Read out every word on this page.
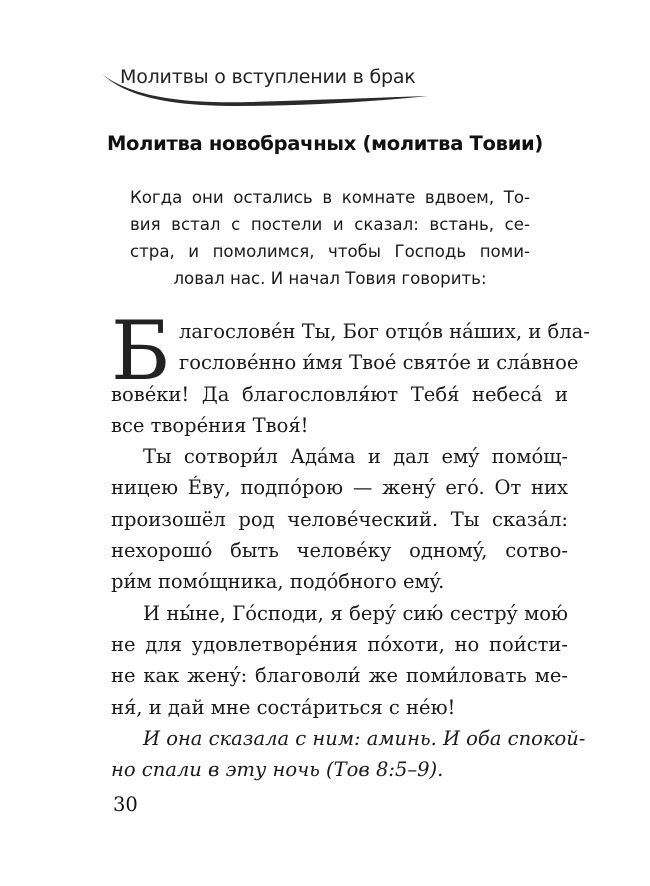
Молитвы о вступлении в брак
Молитва новобрачных (молитва Товии)
Когда они остались в комнате вдвоем, То-
вия встал с постели и сказал: встань, се-
стра, и помолимся, чтобы Господь поми-
ловал нас. И начал Товия говорить:
Б лагословéн Ты, Бог отцóв нáших, и бла-
гословéнно и́мя Твоé святóе и слáвное
вовéки! Да благословля́ют Тебя́ небесá и
все творéния Твоя́!
Ты сотвори́л Адáма и дал емý помóщ-
ницею Éву, подпóрою — женý егó. От них
произошёл род человéческий. Ты сказáл:
нехорошó быть человéку одномý, сотво-
ри́м помóщника, подóбного емý.
И ны́не, Гóсподи, я берý сию́ сестрý мою́
не для удовлетворéния пóхоти, но пои́сти-
не как женý: благоволи́ же поми́ловать ме-
ня́, и дай мне состáриться с нéю!
И она сказала с ним: аминь. И оба спокой-
но спали в эту ночь (Тов 8:5–9).
30
